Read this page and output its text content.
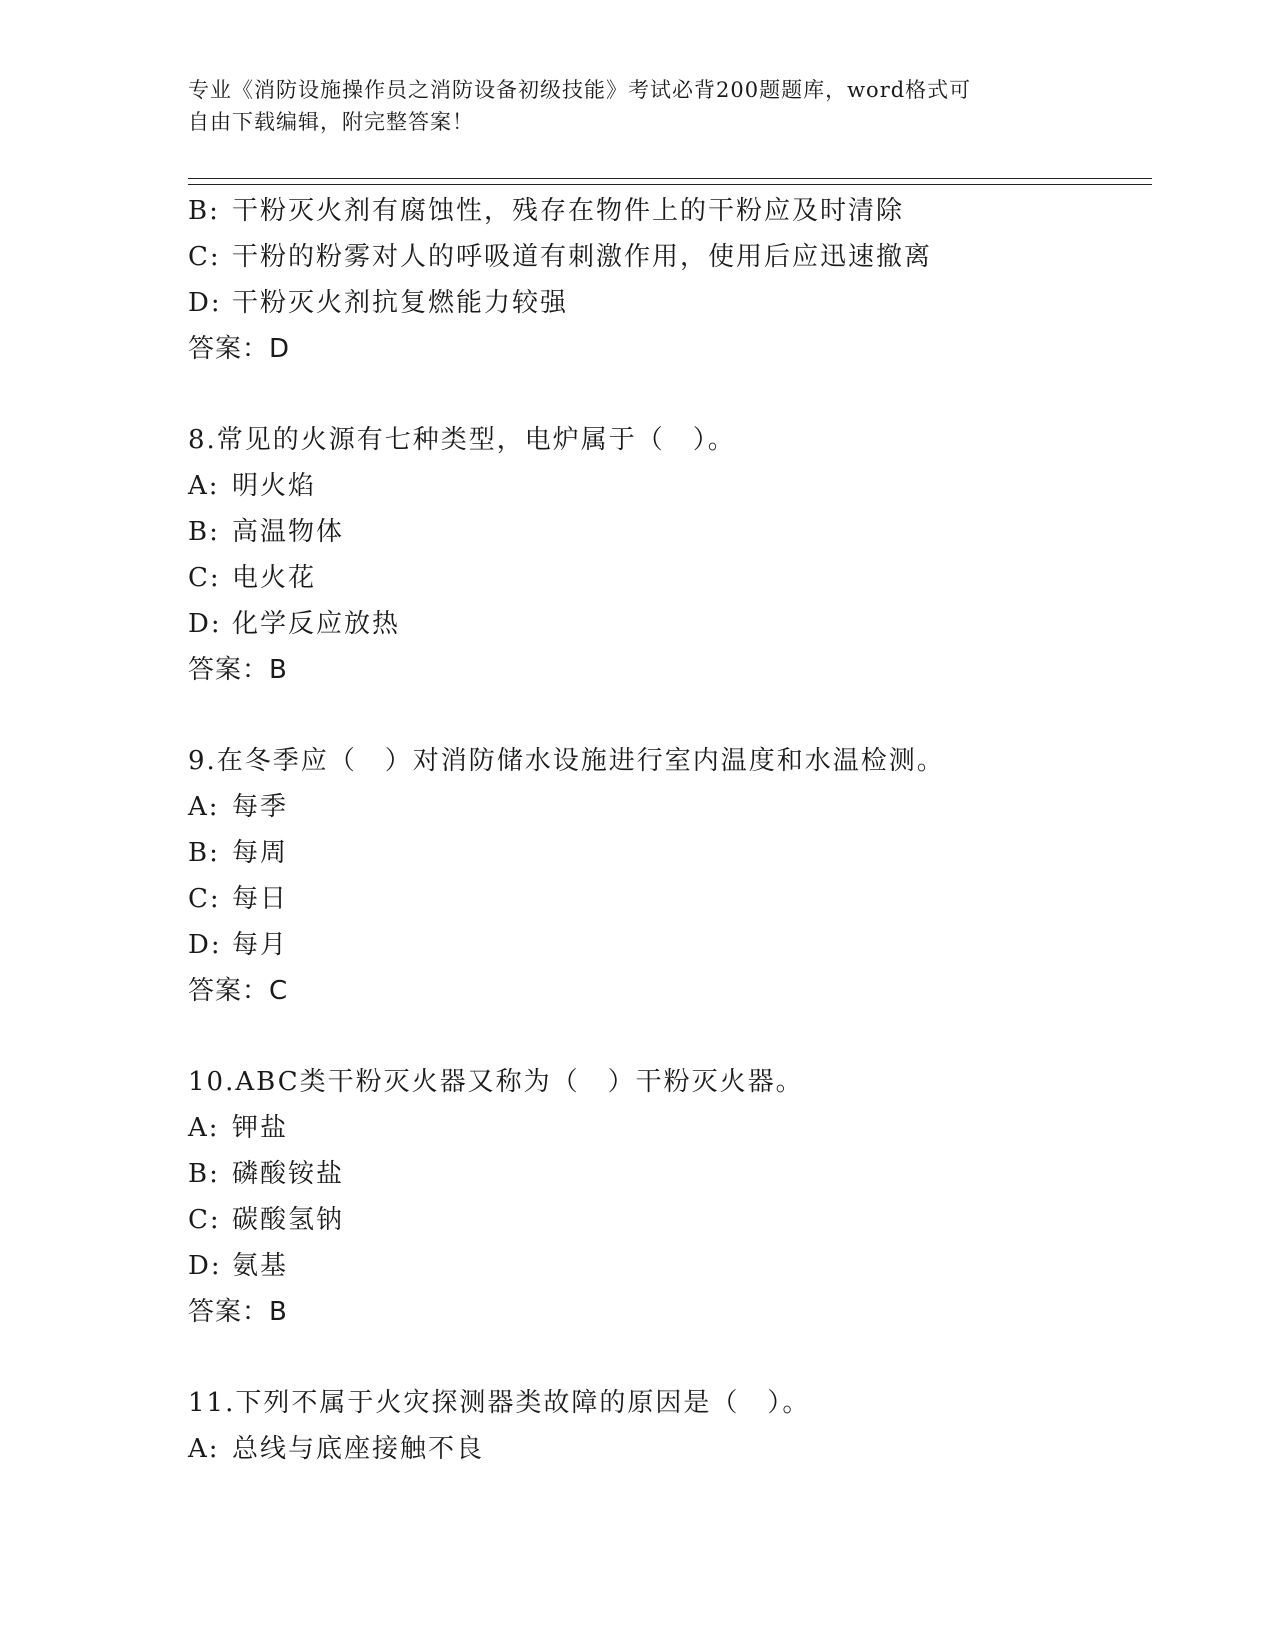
专业《消防设施操作员之消防设备初级技能》考试必背200题题库，word格式可
自由下载编辑，附完整答案！
B: 干粉灭火剂有腐蚀性，残存在物件上的干粉应及时清除
C: 干粉的粉雾对人的呼吸道有刺激作用，使用后应迅速撤离
D: 干粉灭火剂抗复燃能力较强
答案：D
8.常见的火源有七种类型，电炉属于（　）。
A: 明火焰
B: 高温物体
C: 电火花
D: 化学反应放热
答案：B
9.在冬季应（　）对消防储水设施进行室内温度和水温检测。
A: 每季
B: 每周
C: 每日
D: 每月
答案：C
10.ABC类干粉灭火器又称为（　）干粉灭火器。
A: 钾盐
B: 磷酸铵盐
C: 碳酸氢钠
D: 氨基
答案：B
11.下列不属于火灾探测器类故障的原因是（　）。
A: 总线与底座接触不良
